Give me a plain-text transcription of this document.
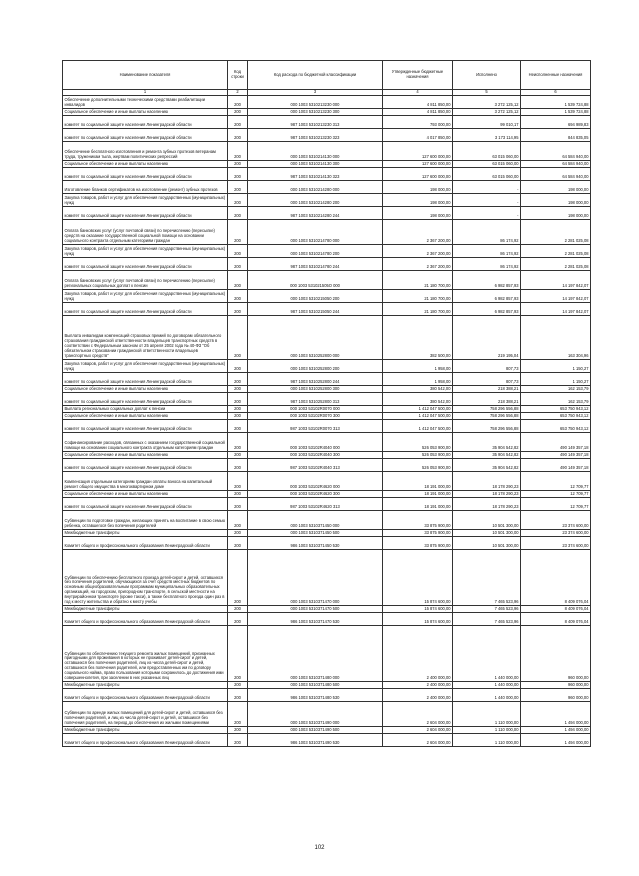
Наименование показателя	Код строки	Код расхода по бюджетной классификации	Утвержденные бюджетные назначения	Исполнено	Неисполненные назначения
1	2	3	4	5	6
Обеспечение дополнительными техническими средствами реабилитации инвалидов	200	000 1003 5310213230 000	4 811 850,00	3 272 125,12	1 539 724,88
Социальное обеспечение и иные выплаты населению	200	000 1003 5310213230 300	4 811 850,00	3 272 125,12	1 539 724,88
комитет по социальной защите населения Ленинградской области	200	987 1003 5310213230 313	793 000,00	99 010,17	694 989,83
комитет по социальной защите населения Ленинградской области	200	987 1003 5310213230 323	4 017 850,00	3 173 114,95	844 835,05
Обеспечение бесплатного изготовления и ремонта зубных протезов ветеранам труда, труженикам тыла, жертвам политических репрессий	200	000 1003 5310214130 000	127 600 000,00	63 015 060,00	64 584 940,00
Социальное обеспечение и иные выплаты населению	200	000 1003 5310214130 300	127 600 000,00	63 015 060,00	64 584 940,00
комитет по социальной защите населения Ленинградской области	200	987 1003 5310214130 323	127 600 000,00	63 015 060,00	64 584 940,00
Изготовление бланков сертификатов на изготовление (ремонт) зубных протезов	200	000 1003 5310214280 000	198 000,00	-	198 000,00
Закупка товаров, работ и услуг для обеспечения государственных (муниципальных) нужд	200	000 1003 5310214280 200	198 000,00	-	198 000,00
комитет по социальной защите населения Ленинградской области	200	987 1003 5310214280 244	198 000,00	-	198 000,00
Оплата банковских услуг (услуг почтовой связи) по перечислению (пересылке) средств на оказание государственной социальной помощи на основании социального контракта отдельным категориям граждан	200	000 1003 5310214780 000	2 367 200,00	86 174,92	2 281 025,08
Закупка товаров, работ и услуг для обеспечения государственных (муниципальных) нужд	200	000 1003 5310214780 200	2 367 200,00	86 174,92	2 281 025,08
комитет по социальной защите населения Ленинградской области	200	987 1003 5310214780 244	2 367 200,00	86 174,92	2 281 025,08
Оплата банковских услуг (услуг почтовой связи) по перечислению (пересылке) региональных социальных доплат к пенсии	200	000 1003 531021505О 000	21 180 700,00	6 982 857,93	14 197 842,07
Закупка товаров, работ и услуг для обеспечения государственных (муниципальных) нужд	200	000 1003 5310215050 200	21 180 700,00	6 982 857,93	14 197 842,07
комитет по социальной защите населения Ленинградской области	200	987 1003 5310215050 244	21 180 700,00	6 982 857,93	14 197 842,07
Выплата инвалидам компенсаций страховых премий по договорам обязательного страхования гражданской ответственности владельцев транспортных средств в соответствии с Федеральным законом от 25 апреля 2002 года № 40-ФЗ "Об обязательном страховании гражданской ответственности владельцев транспортных средств"	200	000 1003 5310252800 000	382 500,00	219 195,04	163 304,96
Закупка товаров, работ и услуг для обеспечения государственных (муниципальных) нужд	200	000 1003 5310252800 200	1 958,00	807,73	1 150,27
комитет по социальной защите населения Ленинградской области	200	987 1003 5310252800 244	1 958,00	807,73	1 150,27
Социальное обеспечение и иные выплаты населению	200	000 1003 5310252800 300	380 542,00	218 388,21	162 153,79
комитет по социальной защите населения Ленинградской области	200	987 1003 5310252800 313	380 542,00	218 388,21	162 153,79
Выплата региональных социальных доплат к пенсии	200	000 1003 53102R0070 000	1 412 047 500,00	758 296 556,88	653 750 943,12
Социальное обеспечение и иные выплаты населению	200	000 1003 53102R0070 300	1 412 047 500,00	758 296 556,88	653 750 943,12
комитет по социальной защите населения Ленинградской области	200	987 1003 53102R0070 313	1 412 047 500,00	758 296 556,88	653 750 943,12
Софинансирование расходов, связанных с оказанием государственной социальной помощи на основании социального контракта отдельным категориям граждан	200	000 1003 53102R4040 000	526 053 900,00	35 904 542,82	490 149 357,18
Социальное обеспечение и иные выплаты населению	200	000 1003 53102R4040 300	526 053 900,00	35 904 542,82	490 149 357,18
комитет по социальной защите населения Ленинградской области	200	987 1003 53102R4040 313	526 053 900,00	35 904 542,82	490 149 357,18
Компенсация отдельным категориям граждан оплаты взноса на капитальный ремонт общего имущества в многоквартирном доме	200	000 1003 53102R4620 000	18 191 000,00	18 178 290,23	12 709,77
Социальное обеспечение и иные выплаты населению	200	000 1003 53102R4620 300	18 191 000,00	18 178 290,23	12 709,77
комитет по социальной защите населения Ленинградской области	200	987 1003 53102R4620 313	18 191 000,00	18 178 290,23	12 709,77
Субвенции по подготовке граждан, желающих принять на воспитание в свою семью ребенка, оставшегося без попечения родителей	200	000 1003 5310371450 000	33 875 900,00	10 501 300,00	23 374 600,00
Межбюджетные трансферты	200	000 1003 5310371450 500	33 875 900,00	10 501 300,00	23 374 600,00
Комитет общего и профессионального образования Ленинградской области	200	986 1003 5310371450 530	33 875 900,00	10 501 300,00	23 374 600,00
Субвенции по обеспечению бесплатного проезда детей-сирот и детей, оставшихся без попечения родителей, обучающихся за счет средств местных бюджетов по основным общеобразовательным программам муниципальных образовательных организаций, на городском, пригородном транспорте, в сельской местности на внутрирайонном транспорте (кроме такси), а также бесплатного проезда один раз в год к месту жительства и обратно к месту учебы	200	000 1003 5310371470 000	15 874 600,00	7 465 523,96	8 409 076,04
Межбюджетные трансферты	200	000 1003 5310371470 500	15 874 600,00	7 465 523,96	8 409 076,04
Комитет общего и профессионального образования Ленинградской области	200	986 1003 5310371470 530	15 874 600,00	7 465 523,96	8 409 076,04
Субвенции по обеспечению текущего ремонта жилых помещений, признанных пригодными для проживания в которых не проживает детей-сирот и детей, оставшихся без попечения родителей, лиц из числа детей-сирот и детей, оставшихся без попечения родителей, или предоставленных им по договору социального найма, право пользования которыми сохранилось до достижения ими совершеннолетия, при заселении в них указанных лиц	200	000 1003 5310371480 000	2 400 000,00	1 440 000,00	960 000,00
Межбюджетные трансферты	200	000 1003 5310371480 500	2 400 000,00	1 440 000,00	960 000,00
Комитет общего и профессионального образования Ленинградской области	200	986 1003 5310371480 530	2 400 000,00	1 440 000,00	960 000,00
Субвенции по аренде жилых помещений для детей-сирот и детей, оставшихся без попечения родителей, и лиц из числа детей-сирот и детей, оставшихся без попечения родителей, на период до обеспечения их жилыми помещениями	200	000 1003 5310371490 000	2 604 000,00	1 110 000,00	1 494 000,00
Межбюджетные трансферты	200	000 1003 5310371490 500	2 604 000,00	1 110 000,00	1 494 000,00
Комитет общего и профессионального образования Ленинградской области	200	986 1003 5310371490 530	2 604 000,00	1 110 000,00	1 494 000,00
102
